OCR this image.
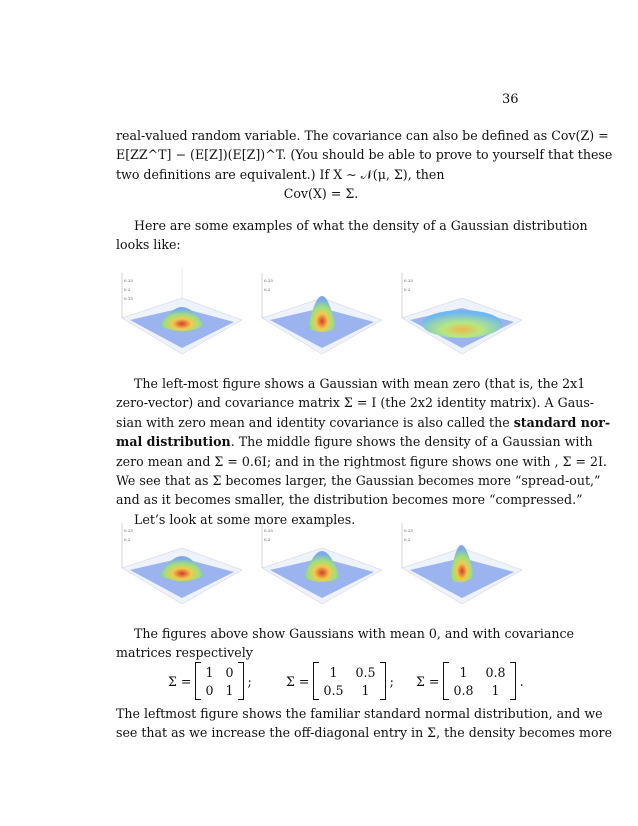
36
real-valued random variable. The covariance can also be defined as Cov(Z) =
E[ZZ^T] − (E[Z])(E[Z])^T. (You should be able to prove to yourself that these
two definitions are equivalent.) If X ∼ 𝒩(μ, Σ), then
Cov(X) = Σ.
Here are some examples of what the density of a Gaussian distribution
looks like:
0.25
0.2
0.15
0.25
0.2
0.25
0.2
The left-most figure shows a Gaussian with mean zero (that is, the 2x1
zero-vector) and covariance matrix Σ = I (the 2x2 identity matrix). A Gaus-
sian with zero mean and identity covariance is also called the standard nor-
mal distribution. The middle figure shows the density of a Gaussian with
zero mean and Σ = 0.6I; and in the rightmost figure shows one with , Σ = 2I.
We see that as Σ becomes larger, the Gaussian becomes more “spread-out,”
and as it becomes smaller, the distribution becomes more “compressed.”
Let’s look at some more examples.
0.25
0.2
0.25
0.2
0.25
0.2
The figures above show Gaussians with mean 0, and with covariance
matrices respectively
Σ =

1 0
0 1

;	Σ =

1	0.5
0.5	1

; Σ =

1	0.8
0.8	1

.
The leftmost figure shows the familiar standard normal distribution, and we
see that as we increase the off-diagonal entry in Σ, the density becomes more
